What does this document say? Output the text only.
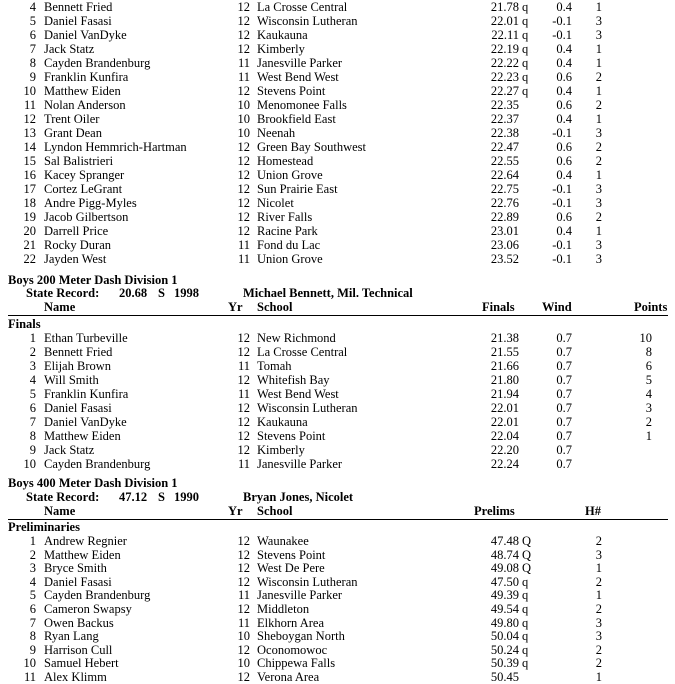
4 Bennett Fried	12 La Crosse Central	21.78 q	0.4	1
5 Daniel Fasasi	12 Wisconsin Lutheran	22.01 q	-0.1	3
6 Daniel VanDyke	12 Kaukauna	22.11 q	-0.1	3
7 Jack Statz	12 Kimberly	22.19 q	0.4	1
8 Cayden Brandenburg	11 Janesville Parker	22.22 q	0.4	1
9 Franklin Kunfira	11 West Bend West	22.23 q	0.6	2
10 Matthew Eiden	12 Stevens Point	22.27 q	0.4	1
11 Nolan Anderson	10 Menomonee Falls	22.35	0.6	2
12 Trent Oiler	10 Brookfield East	22.37	0.4	1
13 Grant Dean	10 Neenah	22.38	-0.1	3
14 Lyndon Hemmrich-Hartman	12 Green Bay Southwest	22.47	0.6	2
15 Sal Balistrieri	12 Homestead	22.55	0.6	2
16 Kacey Spranger	12 Union Grove	22.64	0.4	1
17 Cortez LeGrant	12 Sun Prairie East	22.75	-0.1	3
18 Andre Pigg-Myles	12 Nicolet	22.76	-0.1	3
19 Jacob Gilbertson	12 River Falls	22.89	0.6	2
20 Darrell Price	12 Racine Park	23.01	0.4	1
21 Rocky Duran	11 Fond du Lac	23.06	-0.1	3
22 Jayden West	11 Union Grove	23.52	-0.1	3
Boys 200 Meter Dash Division 1
State Record: 20.68 S 1998	Michael Bennett, Mil. Technical
Name	Yr School	Finals Wind	Points
Finals
1 Ethan Turbeville	12 New Richmond	21.38	0.7	10
2 Bennett Fried	12 La Crosse Central	21.55	0.7	8
3 Elijah Brown	11 Tomah	21.66	0.7	6
4 Will Smith	12 Whitefish Bay	21.80	0.7	5
5 Franklin Kunfira	11 West Bend West	21.94	0.7	4
6 Daniel Fasasi	12 Wisconsin Lutheran	22.01	0.7	3
7 Daniel VanDyke	12 Kaukauna	22.01	0.7	2
8 Matthew Eiden	12 Stevens Point	22.04	0.7	1
9 Jack Statz	12 Kimberly	22.20	0.7
10 Cayden Brandenburg	11 Janesville Parker	22.24	0.7
Boys 400 Meter Dash Division 1
State Record: 47.12 S 1990	Bryan Jones, Nicolet
Name	Yr School	Prelims	H#
Preliminaries
1 Andrew Regnier	12 Waunakee	47.48 Q	2
2 Matthew Eiden	12 Stevens Point	48.74 Q	3
3 Bryce Smith	12 West De Pere	49.08 Q	1
4 Daniel Fasasi	12 Wisconsin Lutheran	47.50 q	2
5 Cayden Brandenburg	11 Janesville Parker	49.39 q	1
6 Cameron Swapsy	12 Middleton	49.54 q	2
7 Owen Backus	11 Elkhorn Area	49.80 q	3
8 Ryan Lang	10 Sheboygan North	50.04 q	3
9 Harrison Cull	12 Oconomowoc	50.24 q	2
10 Samuel Hebert	10 Chippewa Falls	50.39 q	2
11 Alex Klimm	12 Verona Area	50.45	1
